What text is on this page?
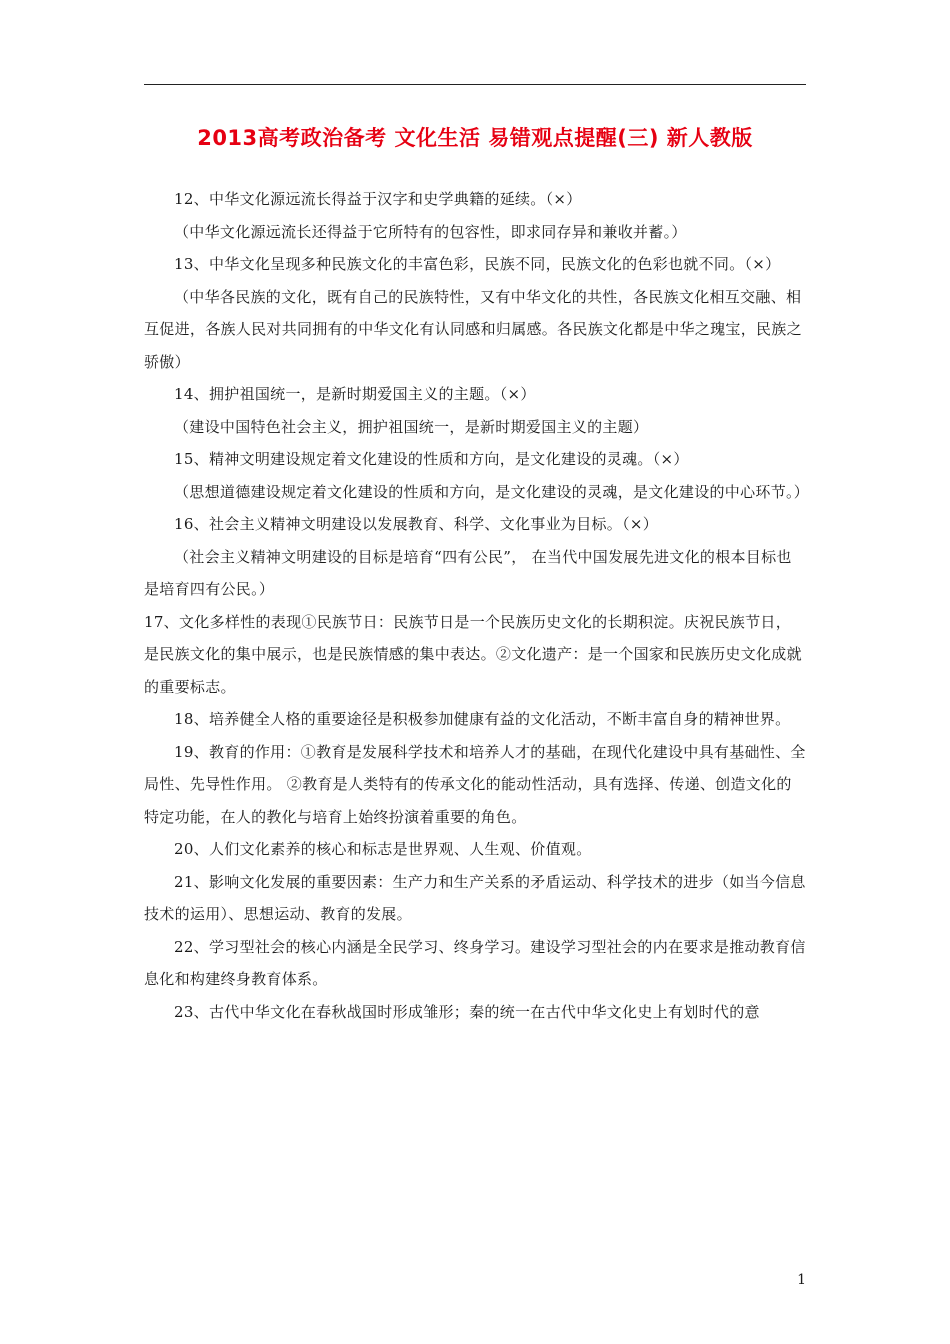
2013高考政治备考 文化生活 易错观点提醒(三) 新人教版

12、中华文化源远流长得益于汉字和史学典籍的延续。（×）

（中华文化源远流长还得益于它所特有的包容性，即求同存异和兼收并蓄。）

13、中华文化呈现多种民族文化的丰富色彩，民族不同，民族文化的色彩也就不同。（×）

（中华各民族的文化，既有自己的民族特性，又有中华文化的共性，各民族文化相互交融、相互促进，各族人民对共同拥有的中华文化有认同感和归属感。各民族文化都是中华之瑰宝，民族之骄傲）

14、拥护祖国统一，是新时期爱国主义的主题。（×）

（建设中国特色社会主义，拥护祖国统一，是新时期爱国主义的主题）

15、精神文明建设规定着文化建设的性质和方向，是文化建设的灵魂。（×）

（思想道德建设规定着文化建设的性质和方向，是文化建设的灵魂，是文化建设的中心环节。）

16、社会主义精神文明建设以发展教育、科学、文化事业为目标。（×）

（社会主义精神文明建设的目标是培育“四有公民”， 在当代中国发展先进文化的根本目标也是培育四有公民。）

17、文化多样性的表现①民族节日：民族节日是一个民族历史文化的长期积淀。庆祝民族节日，是民族文化的集中展示，也是民族情感的集中表达。②文化遗产：是一个国家和民族历史文化成就的重要标志。

18、培养健全人格的重要途径是积极参加健康有益的文化活动，不断丰富自身的精神世界。

19、教育的作用：①教育是发展科学技术和培养人才的基础，在现代化建设中具有基础性、全局性、先导性作用。 ②教育是人类特有的传承文化的能动性活动，具有选择、传递、创造文化的特定功能，在人的教化与培育上始终扮演着重要的角色。

20、人们文化素养的核心和标志是世界观、人生观、价值观。

21、影响文化发展的重要因素：生产力和生产关系的矛盾运动、科学技术的进步（如当今信息技术的运用）、思想运动、教育的发展。

22、学习型社会的核心内涵是全民学习、终身学习。建设学习型社会的内在要求是推动教育信息化和构建终身教育体系。

23、古代中华文化在春秋战国时形成雏形；秦的统一在古代中华文化史上有划时代的意

1
